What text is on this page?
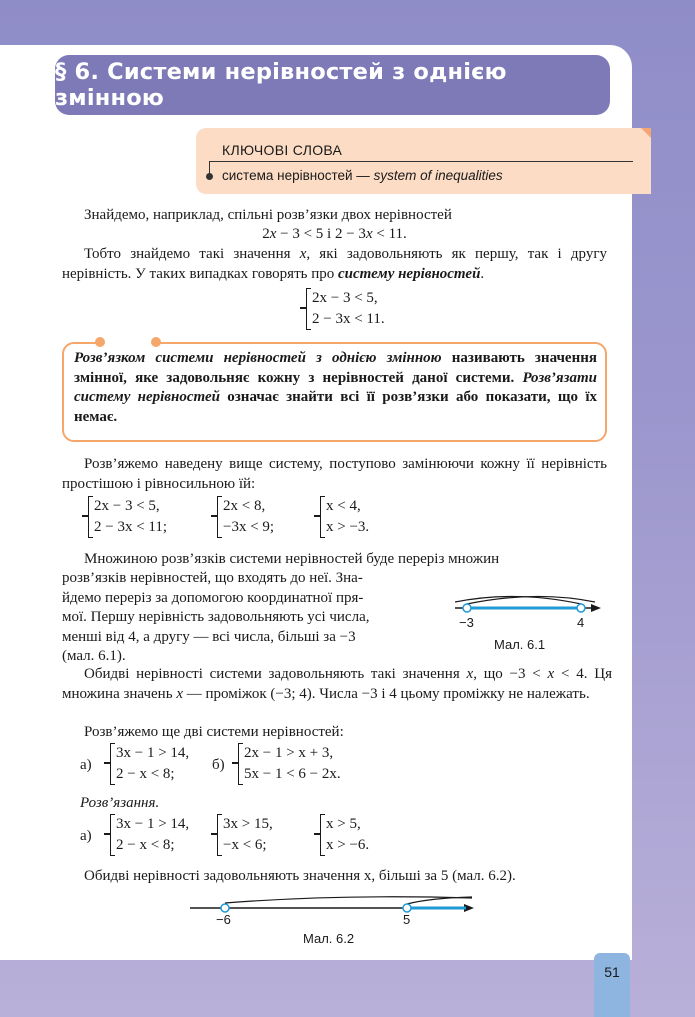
§ 6. Системи нерівностей з однією змінною
КЛЮЧОВІ СЛОВА
система нерівностей — system of inequalities
Знайдемо, наприклад, спільні розв’язки двох нерівностей
2x − 3 < 5 і 2 − 3x < 11.
Тобто знайдемо такі значення x, які задовольняють як першу, так і другу нерівність. У таких випадках говорять про систему нерівностей.
2x − 3 < 5,
2 − 3x < 11.
Розв’язком системи нерівностей з однією змінною називають значення змінної, яке задовольняє кожну з нерівностей даної системи. Розв’язати систему нерівностей означає знайти всі її розв’язки або показати, що їх немає.
Розв’яжемо наведену вище систему, поступово замінюючи кожну її нерівність простішою і рівносильною їй:
2x − 3 < 5,
2 − 3x < 11;
2x < 8,
−3x < 9;
x < 4,
x > −3.
Множиною розв’язків системи нерівностей буде переріз множин
розв’язків нерівностей, що входять до неї. Зна-
йдемо переріз за допомогою координатної пря-
мої. Першу нерівність задовольняють усі числа,
менші від 4, а другу — всі числа, більші за −3
(мал. 6.1).
−3	4
Мал. 6.1
Обидві нерівності системи задовольняють такі значення x, що −3 < x < 4. Ця множина значень x — проміжок (−3; 4). Числа −3 і 4 цьому проміжку не належать.
Розв’яжемо ще дві системи нерівностей:
а)
3x − 1 > 14,
2 − x < 8;
б)
2x − 1 > x + 3,
5x − 1 < 6 − 2x.
Розв’язання.
а)
3x − 1 > 14,
2 − x < 8;
3x > 15,
−x < 6;
x > 5,
x > −6.
Обидві нерівності задовольняють значення x, більші за 5 (мал. 6.2).
−6	5
Мал. 6.2
51
